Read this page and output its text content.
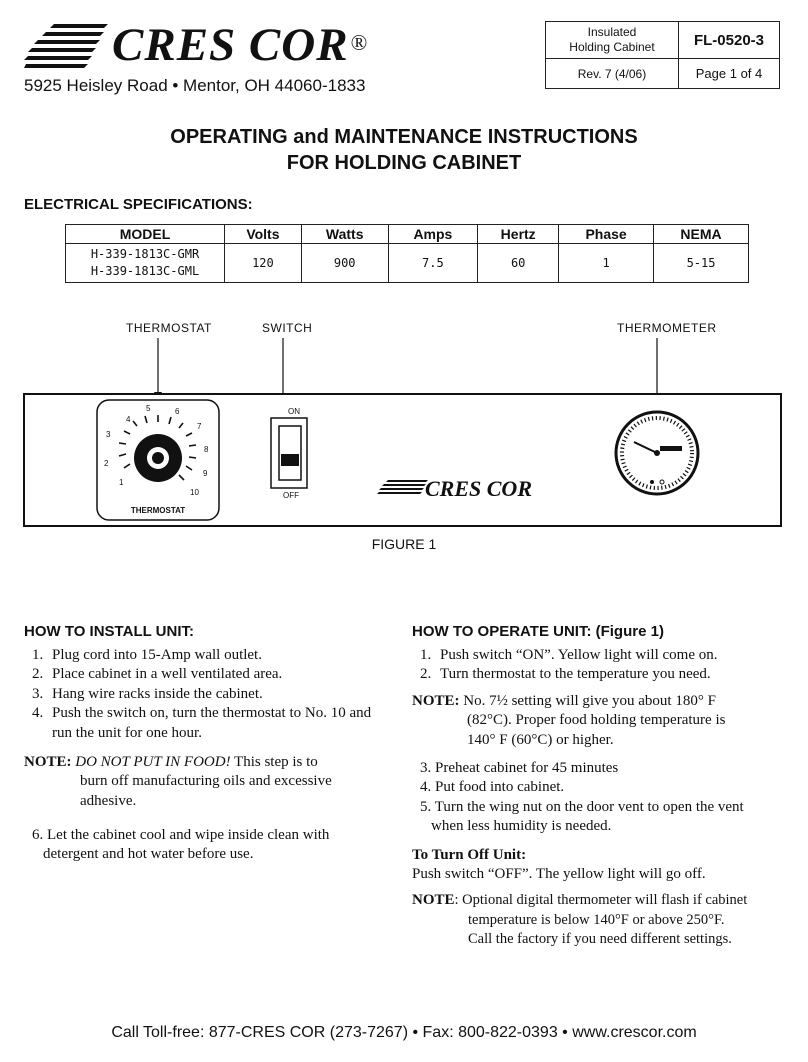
CRES COR®
5925 Heisley Road • Mentor, OH 44060-1833
Insulated
Holding Cabinet	FL-0520-3
Rev. 7 (4/06)	Page 1 of 4
OPERATING and MAINTENANCE INSTRUCTIONS
FOR HOLDING CABINET
ELECTRICAL SPECIFICATIONS:
MODEL	Volts	Watts	Amps	Hertz	Phase	NEMA

H-339-1813C-GMR
H-339-1813C-GML	120	900	7.5	60	1	5-15
THERMOSTAT	SWITCH	THERMOMETER
1
2
3
4
5	6
7
8
9
10
THERMOSTAT
ON
OFF	CRES COR
FIGURE 1
HOW TO INSTALL UNIT:
1. Plug cord into 15-Amp wall outlet.
2. Place cabinet in a well ventilated area.
3. Hang wire racks inside the cabinet.
4. Push the switch on, turn the thermostat to No. 10 and run the unit for one hour.
NOTE: DO NOT PUT IN FOOD! This step is to
burn off manufacturing oils and excessive
adhesive.
6. Let the cabinet cool and wipe inside clean with
detergent and hot water before use.
HOW TO OPERATE UNIT: (Figure 1)
1. Push switch “ON”. Yellow light will come on.
2. Turn thermostat to the temperature you need.
NOTE: No. 7½ setting will give you about 180° F
(82°C). Proper food holding temperature is
140° F (60°C) or higher.
3. Preheat cabinet for 45 minutes
4. Put food into cabinet.
5. Turn the wing nut on the door vent to open the vent
when less humidity is needed.
To Turn Off Unit:
Push switch “OFF”. The yellow light will go off.
NOTE: Optional digital thermometer will flash if cabinet
temperature is below 140°F or above 250°F.
Call the factory if you need different settings.
Call Toll-free: 877-CRES COR (273-7267) • Fax: 800-822-0393 • www.crescor.com
